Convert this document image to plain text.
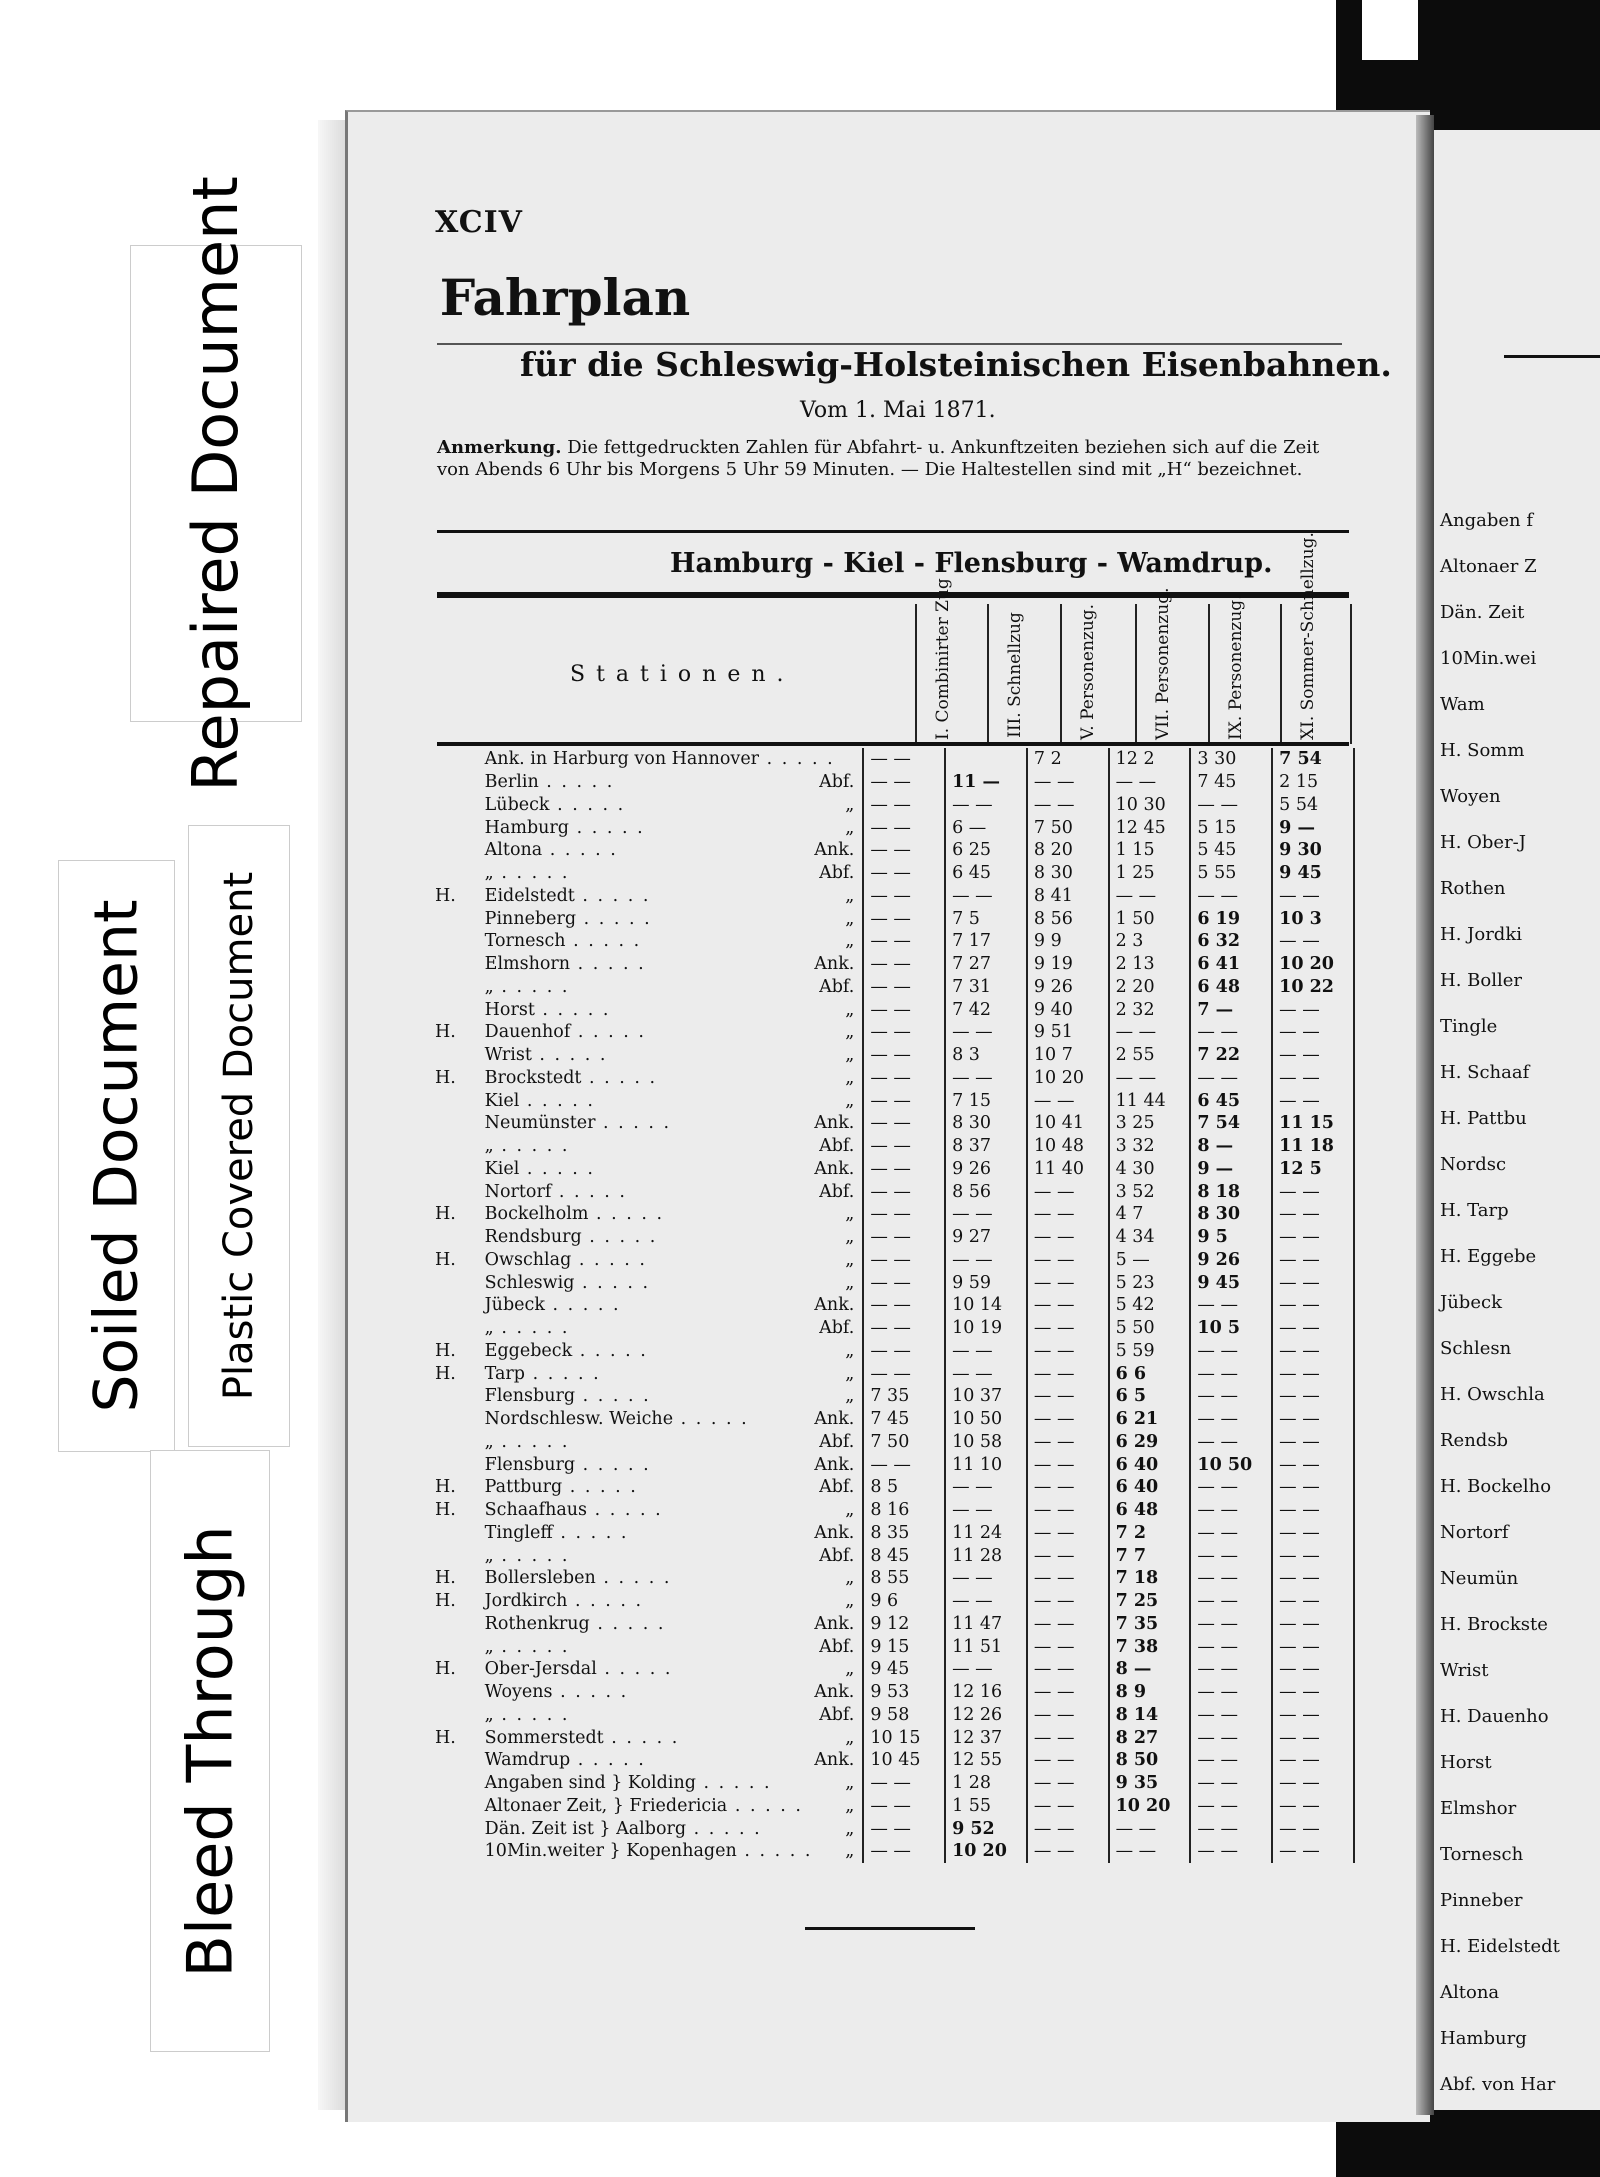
Repaired Document
Soiled Document Plastic Covered Document
Bleed Through
Angaben f
Altonaer Z
Dän. Zeit
10Min.wei
Wam
H. Somm
Woyen
H. Ober-J
Rothen
H. Jordki
H. Boller
Tingle
H. Schaaf
H. Pattbu
Nordsc
H. Tarp
H. Eggebe
Jübeck
Schlesn
H. Owschla
Rendsb
H. Bockelho
Nortorf
Neumün
H. Brockste
Wrist
H. Dauenho
Horst
Elmshor
Tornesch
Pinneber
H. Eidelstedt
Altona
Hamburg
Abf. von Har
XCIV
Fahrplan
für die Schleswig-Holsteinischen Eisenbahnen.
Vom 1. Mai 1871.
Anmerkung. Die fettgedruckten Zahlen für Abfahrt- u. Ankunftzeiten beziehen sich auf die Zeit von Abends 6 Uhr bis Morgens 5 Uhr 59 Minuten. — Die Haltestellen sind mit „H“ bezeichnet.
Hamburg - Kiel - Flensburg - Wamdrup.
Stationen.	I. Combinirter Zug	III. Schnellzug	V. Personenzug.	VII. Personenzug.	IX. Personenzug.	XI. Sommer-Schnellzug.
	Ank. in Harburg von Hannover . . . . .	— —		7 2	12 2	3 30	7 54
	Berlin . . . . . Abf.	— —	11 —	— —	— —	7 45	2 15
	Lübeck . . . . . „	— —	— —	— —	10 30	— —	5 54
	Hamburg . . . . . „	— —	6 —	7 50	12 45	5 15	9 —
	Altona . . . . . Ank.	— —	6 25	8 20	1 15	5 45	9 30
	„ . . . . . Abf.	— —	6 45	8 30	1 25	5 55	9 45
H.	Eidelstedt . . . . . „	— —	— —	8 41	— —	— —	— —
	Pinneberg . . . . . „	— —	7 5	8 56	1 50	6 19	10 3
	Tornesch . . . . . „	— —	7 17	9 9	2 3	6 32	— —
	Elmshorn . . . . . Ank.	— —	7 27	9 19	2 13	6 41	10 20
	„ . . . . . Abf.	— —	7 31	9 26	2 20	6 48	10 22
	Horst . . . . . „	— —	7 42	9 40	2 32	7 —	— —
H.	Dauenhof . . . . . „	— —	— —	9 51	— —	— —	— —
	Wrist . . . . . „	— —	8 3	10 7	2 55	7 22	— —
H.	Brockstedt . . . . . „	— —	— —	10 20	— —	— —	— —
	Kiel . . . . . „	— —	7 15	— —	11 44	6 45	— —
	Neumünster . . . . . Ank.	— —	8 30	10 41	3 25	7 54	11 15
	„ . . . . . Abf.	— —	8 37	10 48	3 32	8 —	11 18
	Kiel . . . . . Ank.	— —	9 26	11 40	4 30	9 —	12 5
	Nortorf . . . . . Abf.	— —	8 56	— —	3 52	8 18	— —
H.	Bockelholm . . . . . „	— —	— —	— —	4 7	8 30	— —
	Rendsburg . . . . . „	— —	9 27	— —	4 34	9 5	— —
H.	Owschlag . . . . . „	— —	— —	— —	5 —	9 26	— —
	Schleswig . . . . . „	— —	9 59	— —	5 23	9 45	— —
	Jübeck . . . . . Ank.	— —	10 14	— —	5 42	— —	— —
	„ . . . . . Abf.	— —	10 19	— —	5 50	10 5	— —
H.	Eggebeck . . . . . „	— —	— —	— —	5 59	— —	— —
H.	Tarp . . . . . „	— —	— —	— —	6 6	— —	— —
	Flensburg . . . . . „	7 35	10 37	— —	6 5	— —	— —
	Nordschlesw. Weiche . . . . . Ank.	7 45	10 50	— —	6 21	— —	— —
	„ . . . . . Abf.	7 50	10 58	— —	6 29	— —	— —
	Flensburg . . . . . Ank.	— —	11 10	— —	6 40	10 50	— —
H.	Pattburg . . . . . Abf.	8 5	— —	— —	6 40	— —	— —
H.	Schaafhaus . . . . . „	8 16	— —	— —	6 48	— —	— —
	Tingleff . . . . . Ank.	8 35	11 24	— —	7 2	— —	— —
	„ . . . . . Abf.	8 45	11 28	— —	7 7	— —	— —
H.	Bollersleben . . . . . „	8 55	— —	— —	7 18	— —	— —
H.	Jordkirch . . . . . „	9 6	— —	— —	7 25	— —	— —
	Rothenkrug . . . . . Ank.	9 12	11 47	— —	7 35	— —	— —
	„ . . . . . Abf.	9 15	11 51	— —	7 38	— —	— —
H.	Ober-Jersdal . . . . . „	9 45	— —	— —	8 —	— —	— —
	Woyens . . . . . Ank.	9 53	12 16	— —	8 9	— —	— —
	„ . . . . . Abf.	9 58	12 26	— —	8 14	— —	— —
H.	Sommerstedt . . . . . „	10 15	12 37	— —	8 27	— —	— —
	Wamdrup . . . . . Ank.	10 45	12 55	— —	8 50	— —	— —
	Angaben sind } Kolding . . . . . „	— —	1 28	— —	9 35	— —	— —
	Altonaer Zeit, } Friedericia . . . . . „	— —	1 55	— —	10 20	— —	— —
	Dän. Zeit ist } Aalborg . . . . . „	— —	9 52	— —	— —	— —	— —
	10Min.weiter } Kopenhagen . . . . . „	— —	10 20	— —	— —	— —	— —
